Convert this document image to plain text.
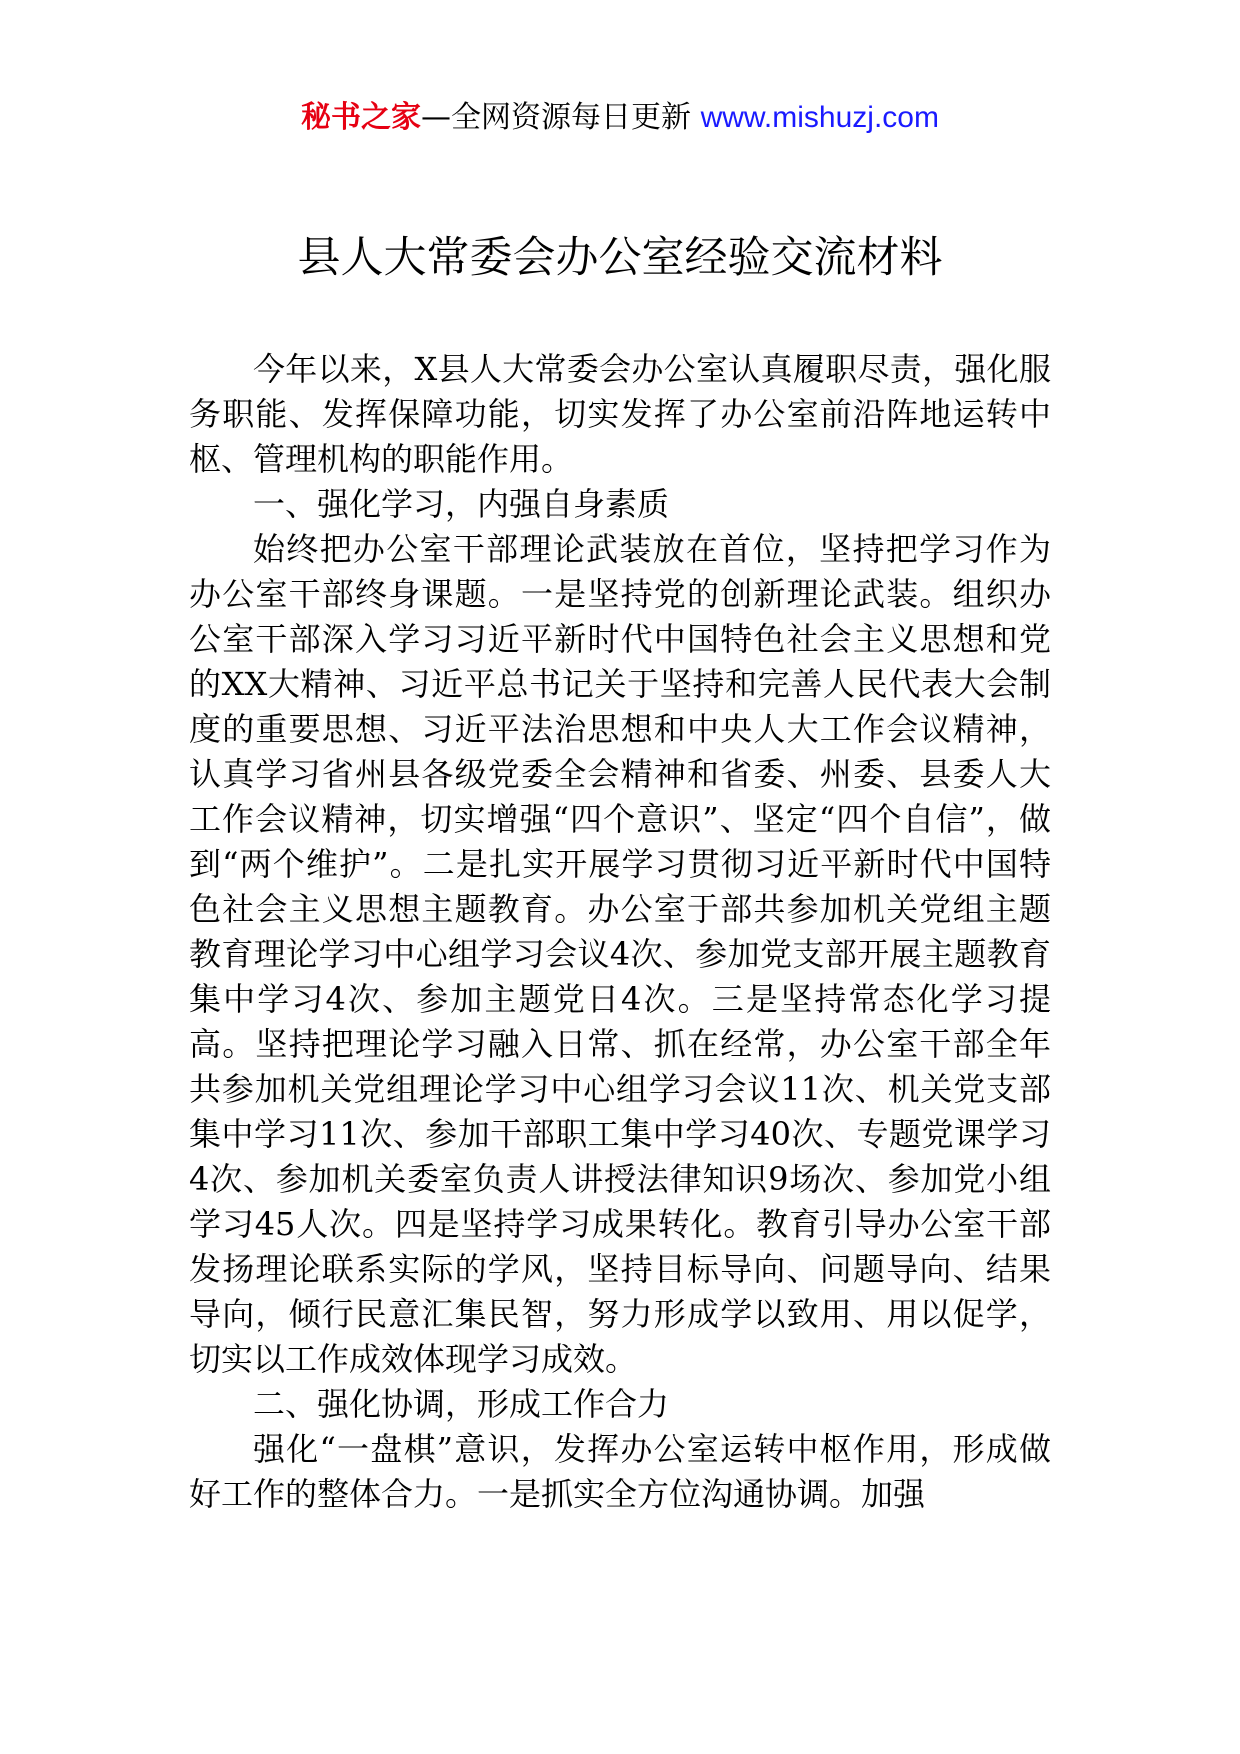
秘书之家—全网资源每日更新 www.mishuzj.com
县人大常委会办公室经验交流材料

今年以来，X县人大常委会办公室认真履职尽责，强化服务职能、发挥保障功能，切实发挥了办公室前沿阵地运转中枢、管理机构的职能作用。

一、强化学习，内强自身素质

始终把办公室干部理论武装放在首位，坚持把学习作为办公室干部终身课题。一是坚持党的创新理论武装。组织办公室干部深入学习习近平新时代中国特色社会主义思想和党的XX大精神、习近平总书记关于坚持和完善人民代表大会制度的重要思想、习近平法治思想和中央人大工作会议精神，认真学习省州县各级党委全会精神和省委、州委、县委人大工作会议精神，切实增强“四个意识”、坚定“四个自信”，做到“两个维护”。二是扎实开展学习贯彻习近平新时代中国特色社会主义思想主题教育。办公室于部共参加机关党组主题教育理论学习中心组学习会议4次、参加党支部开展主题教育集中学习4次、参加主题党日4次。三是坚持常态化学习提高。坚持把理论学习融入日常、抓在经常，办公室干部全年共参加机关党组理论学习中心组学习会议11次、机关党支部集中学习11次、参加干部职工集中学习40次、专题党课学习4次、参加机关委室负责人讲授法律知识9场次、参加党小组学习45人次。四是坚持学习成果转化。教育引导办公室干部发扬理论联系实际的学风，坚持目标导向、问题导向、结果导向，倾行民意汇集民智，努力形成学以致用、用以促学，切实以工作成效体现学习成效。

二、强化协调，形成工作合力

强化“一盘棋”意识，发挥办公室运转中枢作用，形成做好工作的整体合力。一是抓实全方位沟通协调。加强
